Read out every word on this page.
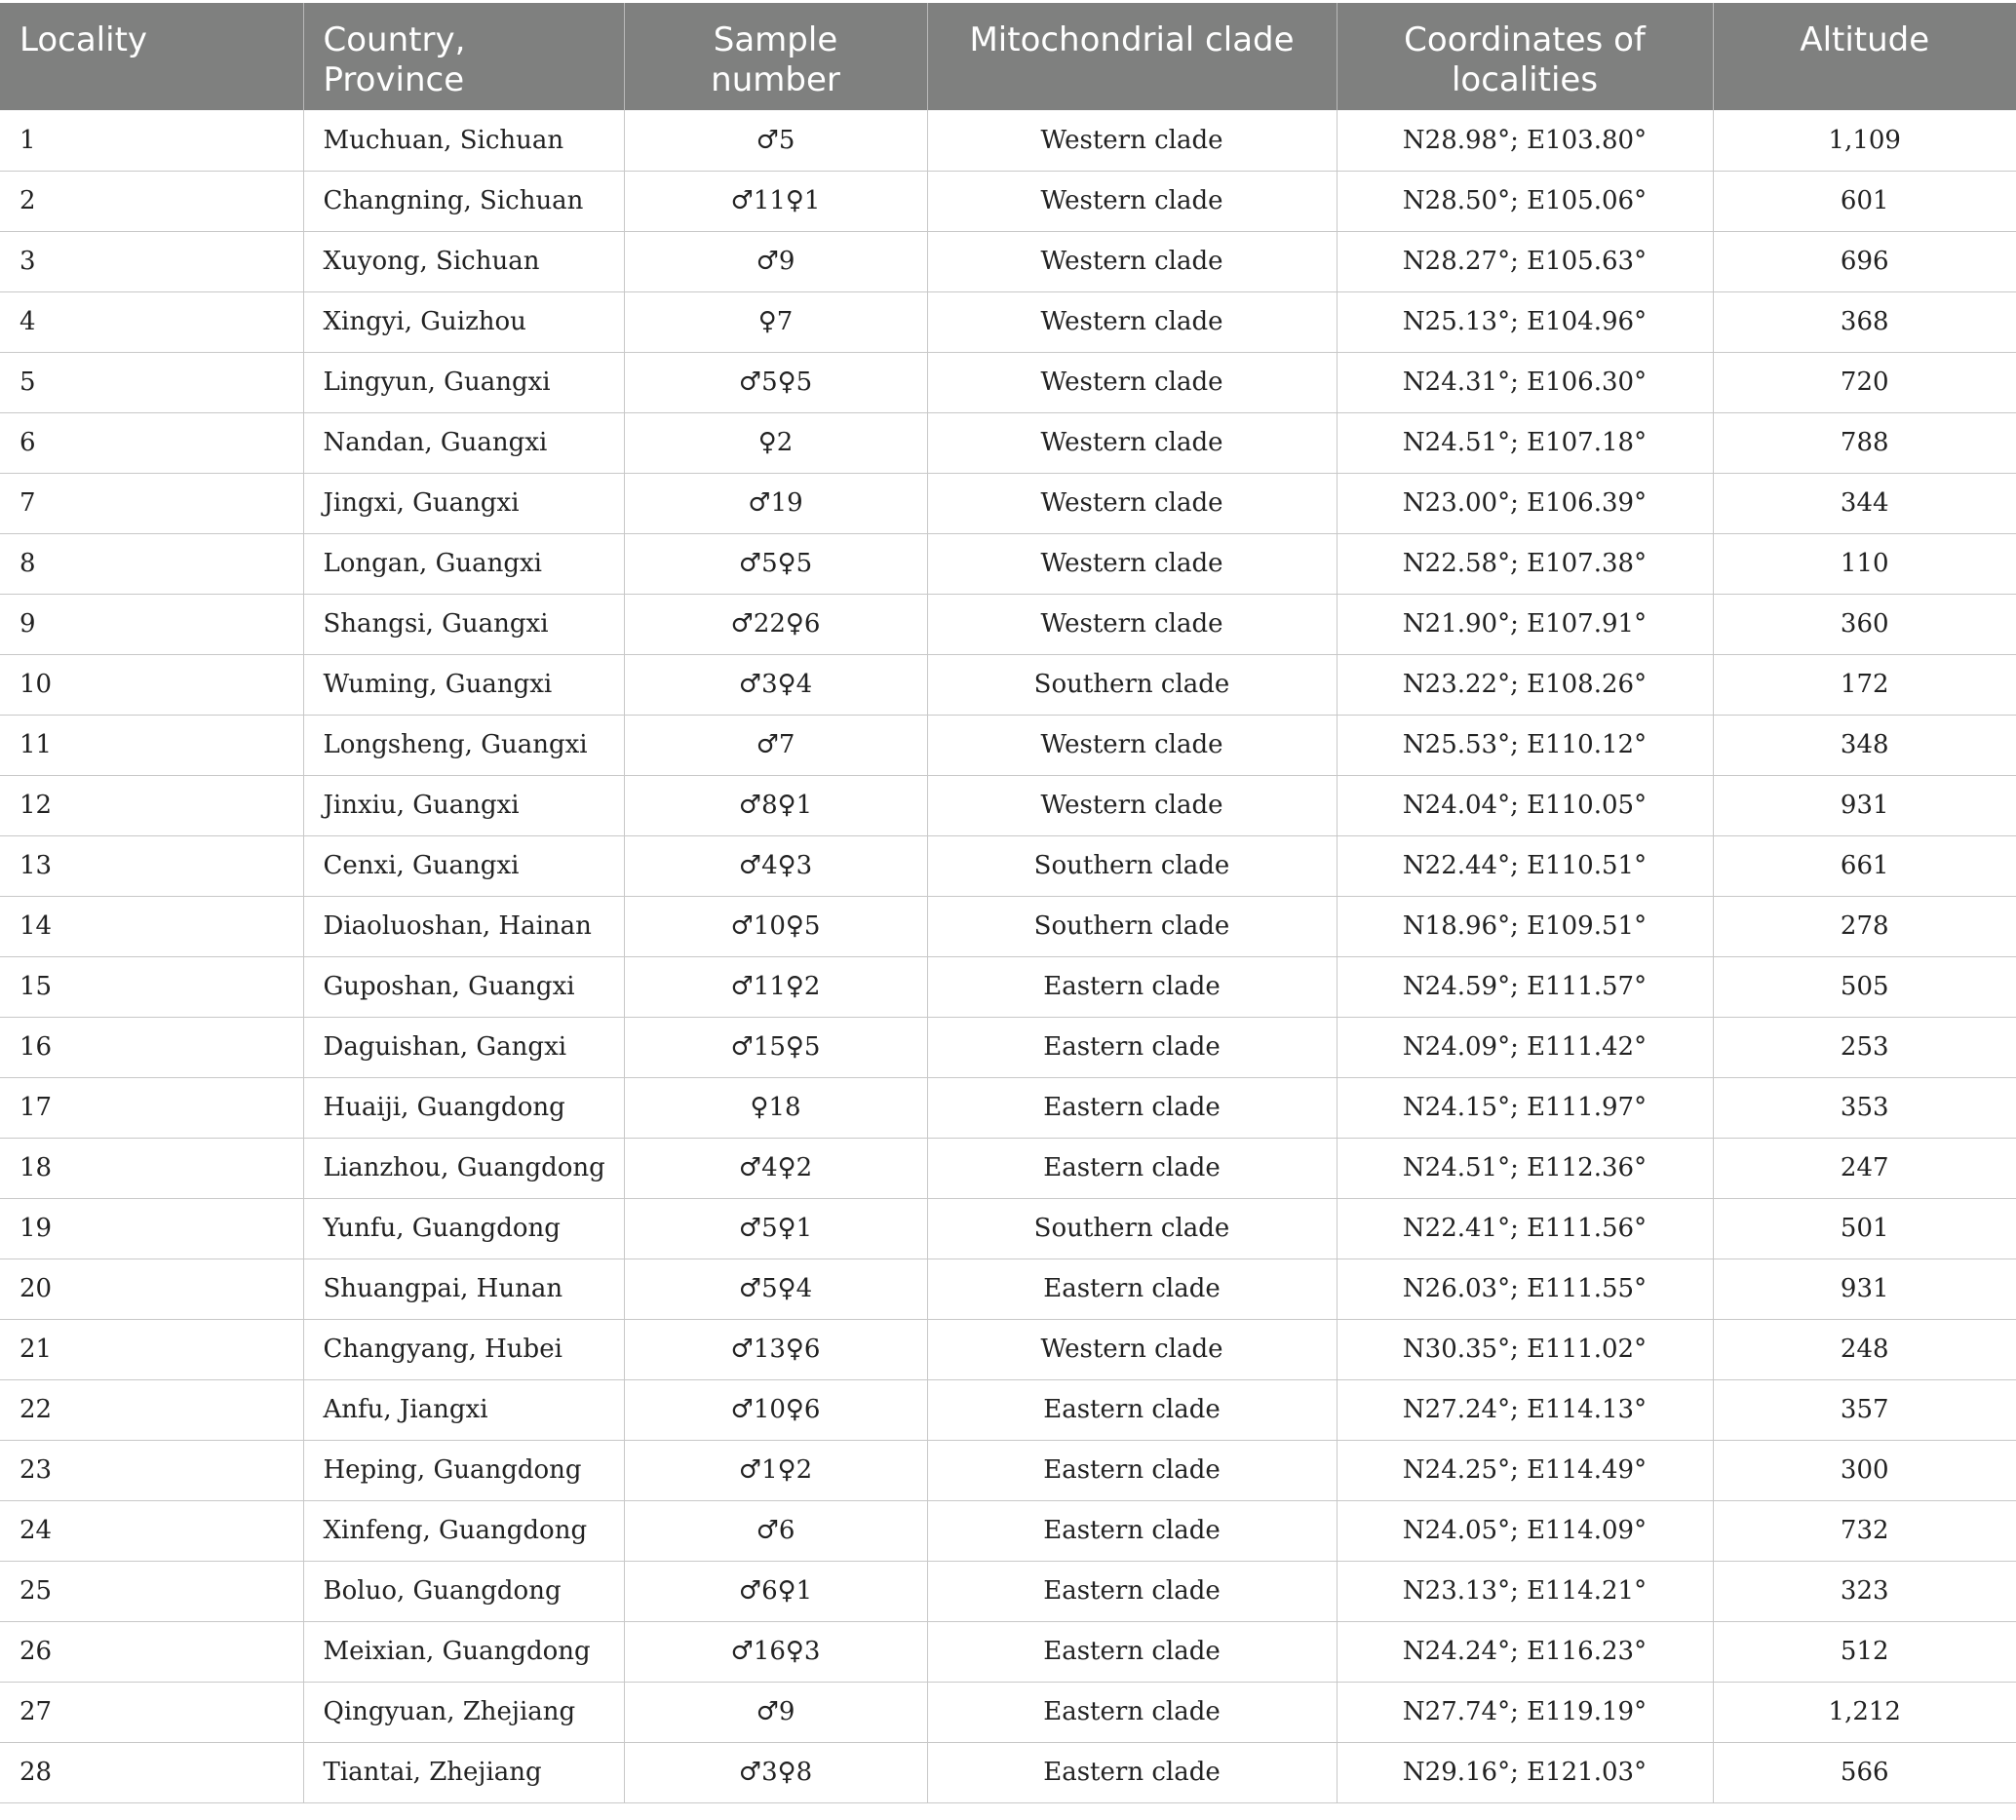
Locality	Country, Province	Sample number	Mitochondrial clade	Coordinates of localities	Altitude
1	Muchuan, Sichuan	♂5	Western clade	N28.98°; E103.80°	1,109
2	Changning, Sichuan	♂11♀1	Western clade	N28.50°; E105.06°	601
3	Xuyong, Sichuan	♂9	Western clade	N28.27°; E105.63°	696
4	Xingyi, Guizhou	♀7	Western clade	N25.13°; E104.96°	368
5	Lingyun, Guangxi	♂5♀5	Western clade	N24.31°; E106.30°	720
6	Nandan, Guangxi	♀2	Western clade	N24.51°; E107.18°	788
7	Jingxi, Guangxi	♂19	Western clade	N23.00°; E106.39°	344
8	Longan, Guangxi	♂5♀5	Western clade	N22.58°; E107.38°	110
9	Shangsi, Guangxi	♂22♀6	Western clade	N21.90°; E107.91°	360
10	Wuming, Guangxi	♂3♀4	Southern clade	N23.22°; E108.26°	172
11	Longsheng, Guangxi	♂7	Western clade	N25.53°; E110.12°	348
12	Jinxiu, Guangxi	♂8♀1	Western clade	N24.04°; E110.05°	931
13	Cenxi, Guangxi	♂4♀3	Southern clade	N22.44°; E110.51°	661
14	Diaoluoshan, Hainan	♂10♀5	Southern clade	N18.96°; E109.51°	278
15	Guposhan, Guangxi	♂11♀2	Eastern clade	N24.59°; E111.57°	505
16	Daguishan, Gangxi	♂15♀5	Eastern clade	N24.09°; E111.42°	253
17	Huaiji, Guangdong	♀18	Eastern clade	N24.15°; E111.97°	353
18	Lianzhou, Guangdong	♂4♀2	Eastern clade	N24.51°; E112.36°	247
19	Yunfu, Guangdong	♂5♀1	Southern clade	N22.41°; E111.56°	501
20	Shuangpai, Hunan	♂5♀4	Eastern clade	N26.03°; E111.55°	931
21	Changyang, Hubei	♂13♀6	Western clade	N30.35°; E111.02°	248
22	Anfu, Jiangxi	♂10♀6	Eastern clade	N27.24°; E114.13°	357
23	Heping, Guangdong	♂1♀2	Eastern clade	N24.25°; E114.49°	300
24	Xinfeng, Guangdong	♂6	Eastern clade	N24.05°; E114.09°	732
25	Boluo, Guangdong	♂6♀1	Eastern clade	N23.13°; E114.21°	323
26	Meixian, Guangdong	♂16♀3	Eastern clade	N24.24°; E116.23°	512
27	Qingyuan, Zhejiang	♂9	Eastern clade	N27.74°; E119.19°	1,212
28	Tiantai, Zhejiang	♂3♀8	Eastern clade	N29.16°; E121.03°	566
